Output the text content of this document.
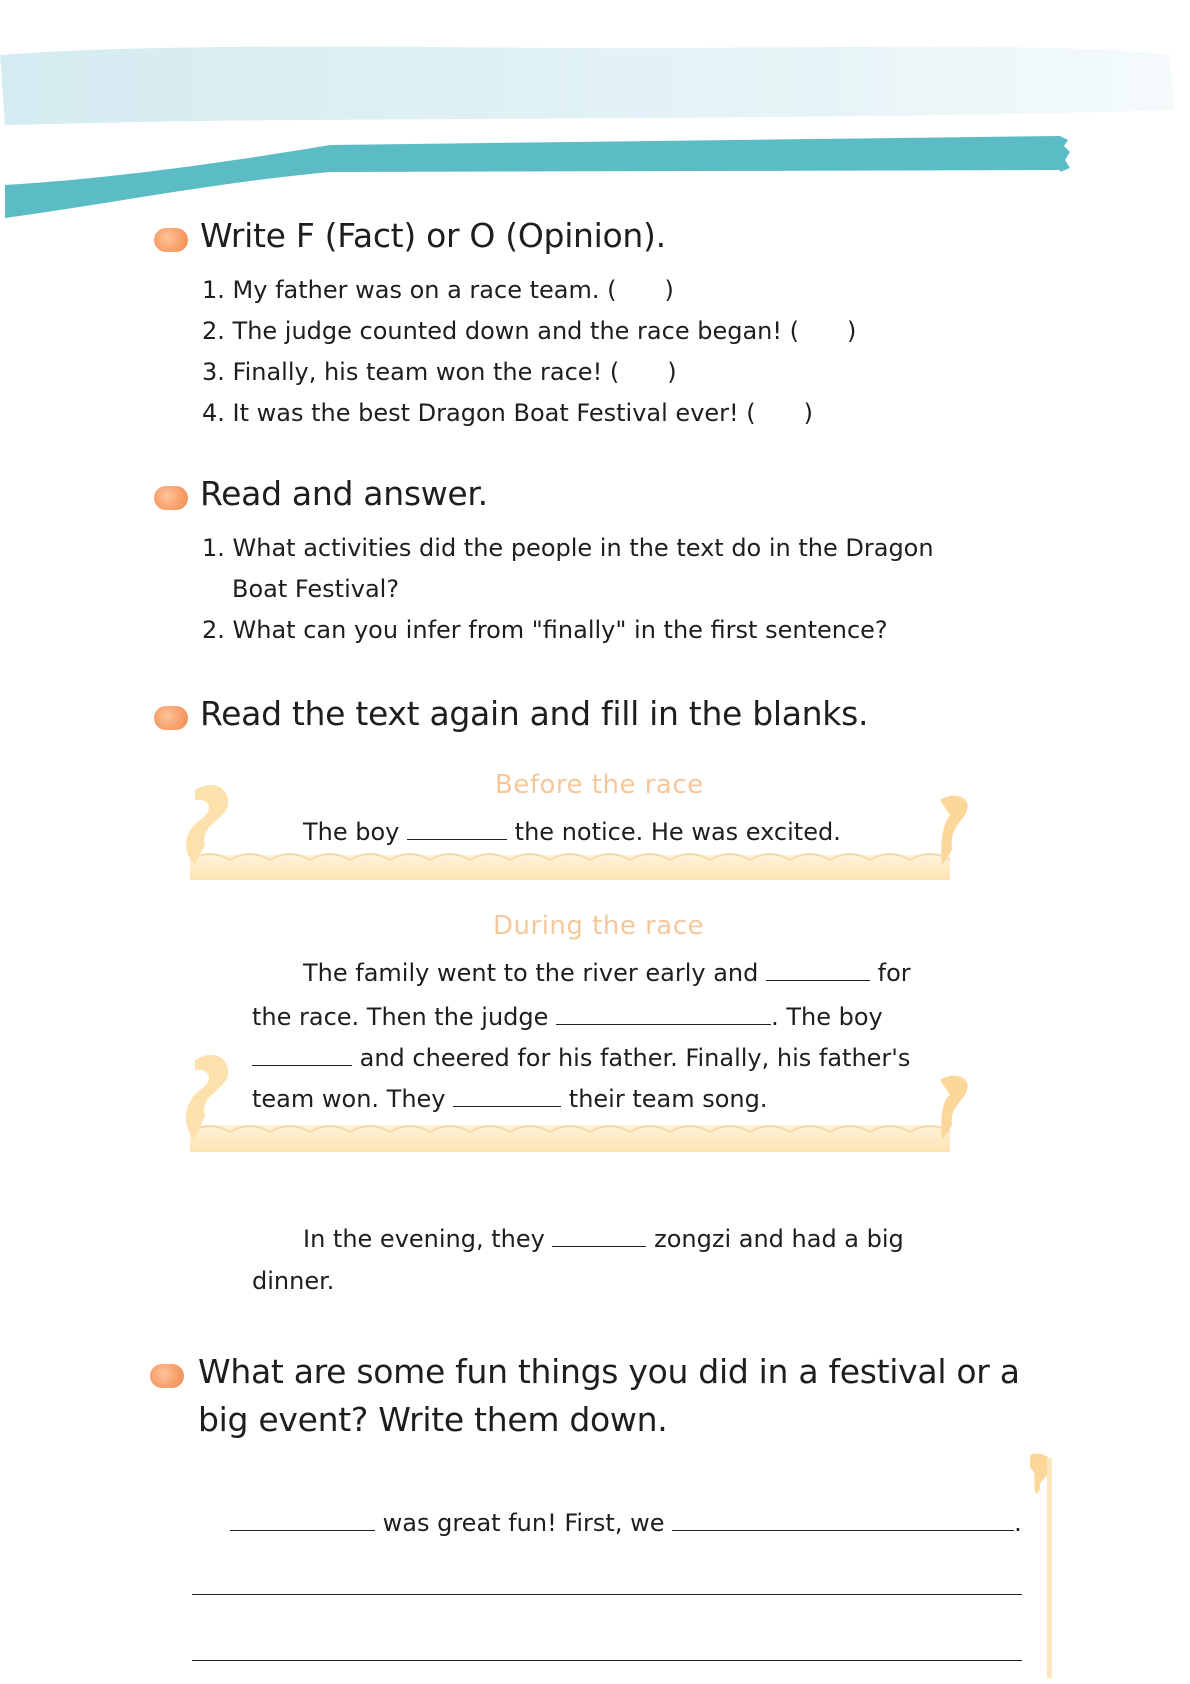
Write F (Fact) or O (Opinion).
1. My father was on a race team. (  )
2. The judge counted down and the race began! (  )
3. Finally, his team won the race! (  )
4. It was the best Dragon Boat Festival ever! (  )
Read and answer.
1. What activities did the people in the text do in the Dragon
Boat Festival?
2. What can you infer from "finally" in the first sentence?
Read the text again and fill in the blanks.
Before the race
The boy	the notice. He was excited.
During the race
The family went to the river early and	for
the race. Then the judge	. The boy
and cheered for his father. Finally, his father's
team won. They	their team song.
In the evening, they	zongzi and had a big
dinner.
What are some fun things you did in a festival or a
big event? Write them down.
was great fun! First, we	.
